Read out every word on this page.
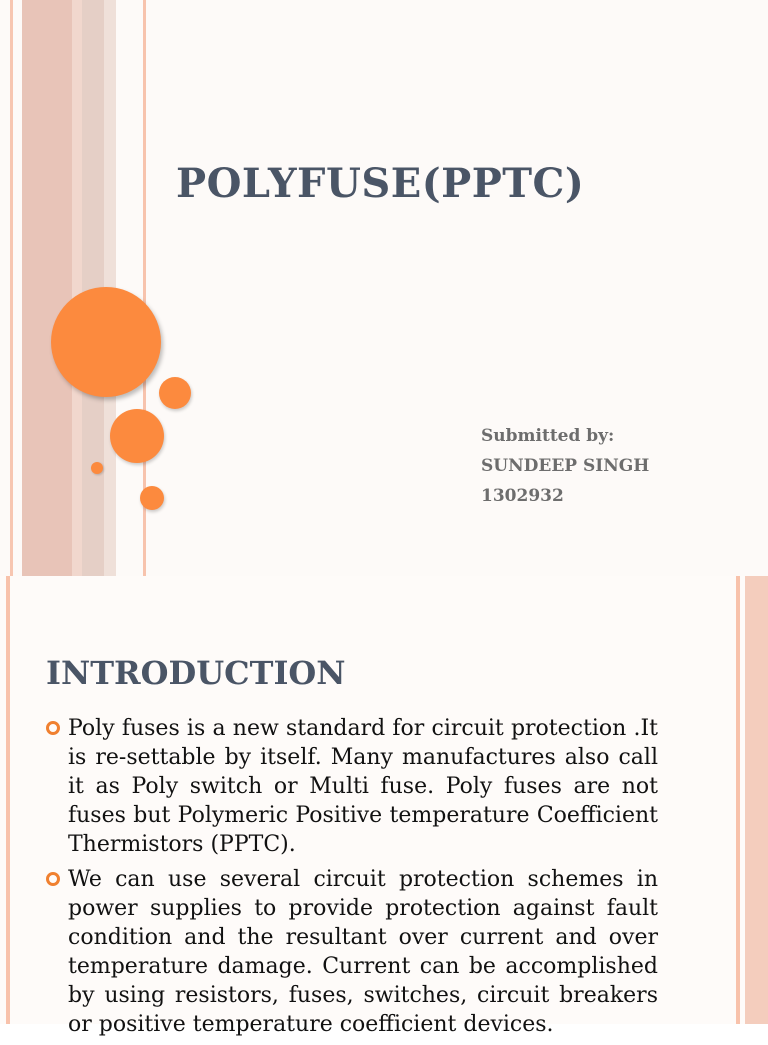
POLYFUSE(PPTC)
Submitted by:
SUNDEEP SINGH
1302932
INTRODUCTION
Poly fuses is a new standard for circuit protection .It is re-settable by itself. Many manufactures also call it as Poly switch or Multi fuse. Poly fuses are not fuses but Polymeric Positive temperature Coefficient Thermistors (PPTC).
We can use several circuit protection schemes in power supplies to provide protection against fault condition and the resultant over current and over temperature damage. Current can be accomplished by using resistors, fuses, switches, circuit breakers or positive temperature coefficient devices.
